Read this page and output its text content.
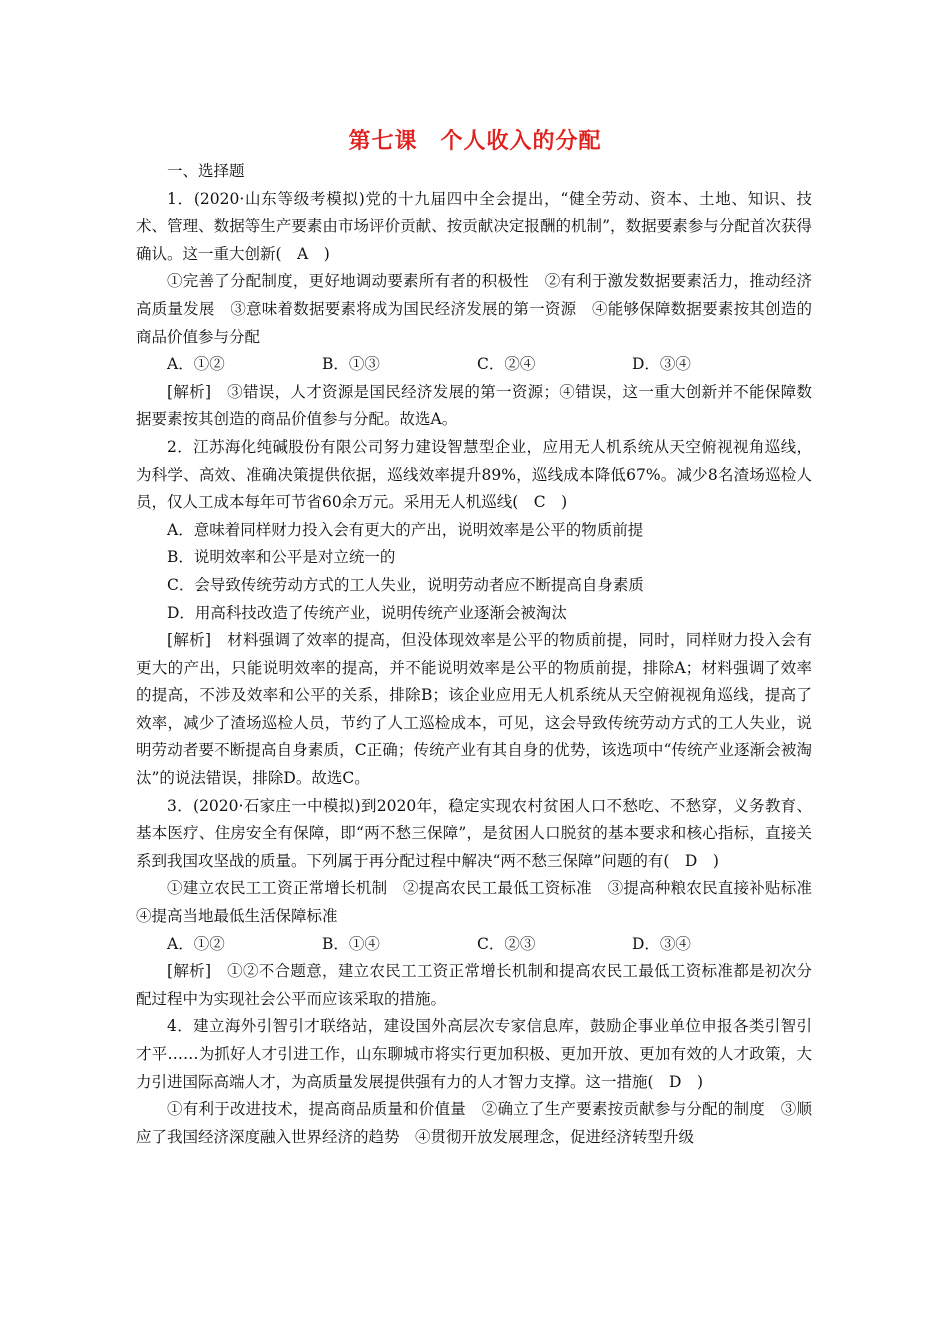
第七课　个人收入的分配

一、选择题

1．(2020·山东等级考模拟)党的十九届四中全会提出，“健全劳动、资本、土地、知识、技术、管理、数据等生产要素由市场评价贡献、按贡献决定报酬的机制”，数据要素参与分配首次获得确认。这一重大创新(　A　)

①完善了分配制度，更好地调动要素所有者的积极性　②有利于激发数据要素活力，推动经济高质量发展　③意味着数据要素将成为国民经济发展的第一资源　④能够保障数据要素按其创造的商品价值参与分配

A．①②	B．①③	C．②④	D．③④

[解析]　③错误，人才资源是国民经济发展的第一资源；④错误，这一重大创新并不能保障数据要素按其创造的商品价值参与分配。故选A。

2．江苏海化纯碱股份有限公司努力建设智慧型企业，应用无人机系统从天空俯视视角巡线，为科学、高效、准确决策提供依据，巡线效率提升89%，巡线成本降低67%。减少8名渣场巡检人员，仅人工成本每年可节省60余万元。采用无人机巡线(　C　)

A．意味着同样财力投入会有更大的产出，说明效率是公平的物质前提

B．说明效率和公平是对立统一的

C．会导致传统劳动方式的工人失业，说明劳动者应不断提高自身素质

D．用高科技改造了传统产业，说明传统产业逐渐会被淘汰

[解析]　材料强调了效率的提高，但没体现效率是公平的物质前提，同时，同样财力投入会有更大的产出，只能说明效率的提高，并不能说明效率是公平的物质前提，排除A；材料强调了效率的提高，不涉及效率和公平的关系，排除B；该企业应用无人机系统从天空俯视视角巡线，提高了效率，减少了渣场巡检人员，节约了人工巡检成本，可见，这会导致传统劳动方式的工人失业，说明劳动者要不断提高自身素质，C正确；传统产业有其自身的优势，该选项中“传统产业逐渐会被淘汰”的说法错误，排除D。故选C。

3．(2020·石家庄一中模拟)到2020年，稳定实现农村贫困人口不愁吃、不愁穿，义务教育、基本医疗、住房安全有保障，即“两不愁三保障”，是贫困人口脱贫的基本要求和核心指标，直接关系到我国攻坚战的质量。下列属于再分配过程中解决“两不愁三保障”问题的有(　D　)

①建立农民工工资正常增长机制　②提高农民工最低工资标准　③提高种粮农民直接补贴标准　④提高当地最低生活保障标准

A．①②	B．①④	C．②③	D．③④

[解析]　①②不合题意，建立农民工工资正常增长机制和提高农民工最低工资标准都是初次分配过程中为实现社会公平而应该采取的措施。

4．建立海外引智引才联络站，建设国外高层次专家信息库，鼓励企事业单位申报各类引智引才平……为抓好人才引进工作，山东聊城市将实行更加积极、更加开放、更加有效的人才政策，大力引进国际高端人才，为高质量发展提供强有力的人才智力支撑。这一措施(　D　)

①有利于改进技术，提高商品质量和价值量　②确立了生产要素按贡献参与分配的制度　③顺应了我国经济深度融入世界经济的趋势　④贯彻开放发展理念，促进经济转型升级
